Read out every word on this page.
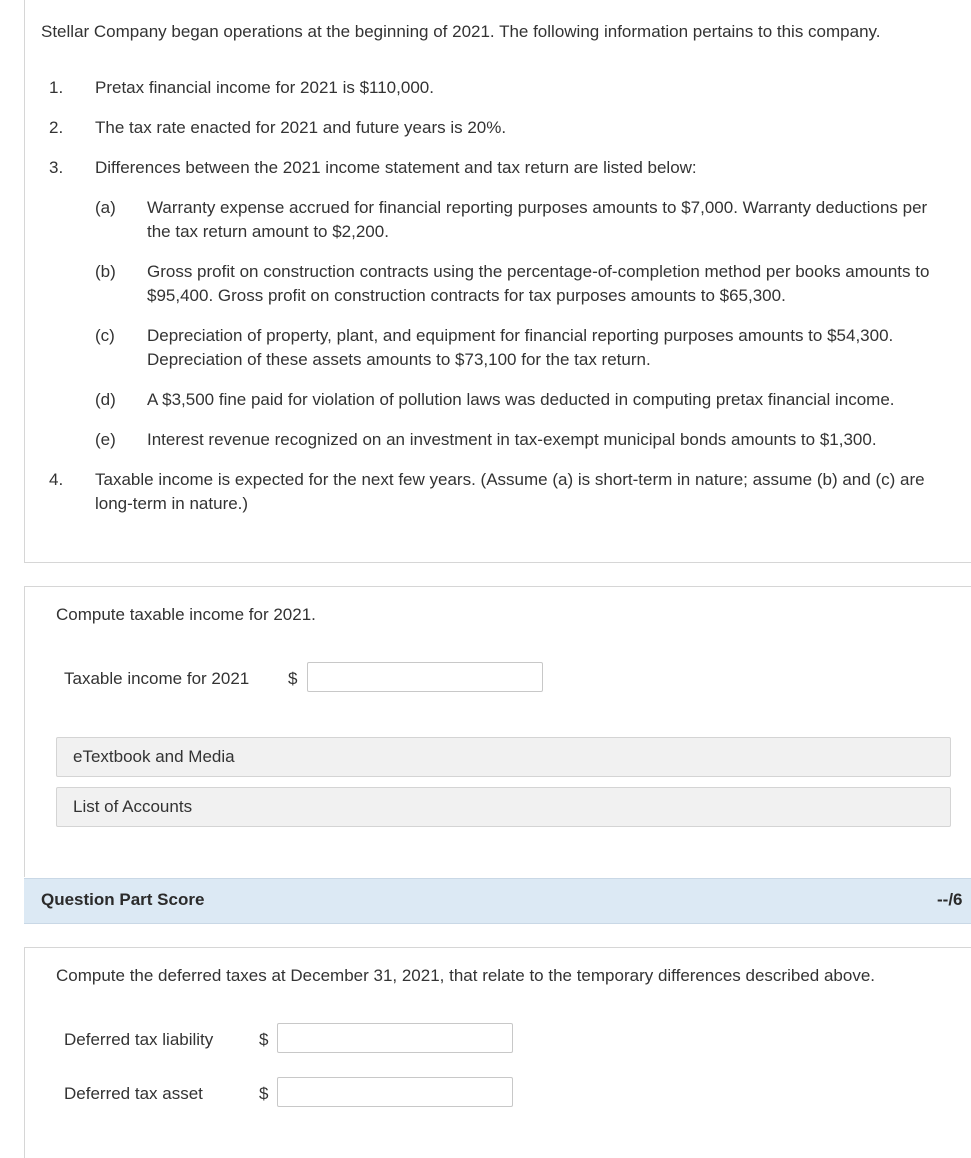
Stellar Company began operations at the beginning of 2021. The following information pertains to this company.
1. Pretax financial income for 2021 is $110,000.
2. The tax rate enacted for 2021 and future years is 20%.
3. Differences between the 2021 income statement and tax return are listed below:
(a) Warranty expense accrued for financial reporting purposes amounts to $7,000. Warranty deductions per the tax return amount to $2,200.
(b) Gross profit on construction contracts using the percentage-of-completion method per books amounts to $95,400. Gross profit on construction contracts for tax purposes amounts to $65,300.
(c) Depreciation of property, plant, and equipment for financial reporting purposes amounts to $54,300. Depreciation of these assets amounts to $73,100 for the tax return.
(d) A $3,500 fine paid for violation of pollution laws was deducted in computing pretax financial income.
(e) Interest revenue recognized on an investment in tax-exempt municipal bonds amounts to $1,300.
4. Taxable income is expected for the next few years. (Assume (a) is short-term in nature; assume (b) and (c) are long-term in nature.)
Compute taxable income for 2021.
Taxable income for 2021 $
eTextbook and Media
List of Accounts
Question Part Score	--/6
Compute the deferred taxes at December 31, 2021, that relate to the temporary differences described above.
Deferred tax liability	$
Deferred tax asset	$
